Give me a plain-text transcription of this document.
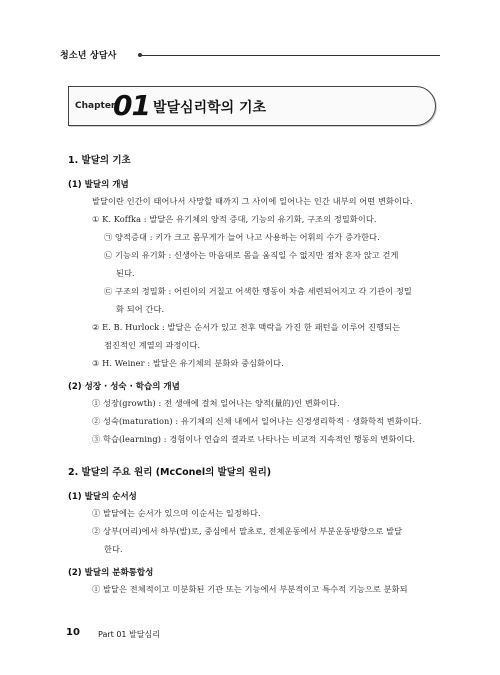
청소년 상담사
Chapter
01 발달심리학의 기초
1. 발달의 기초
(1) 발달의 개념
발달이란 인간이 태어나서 사망할 때까지 그 사이에 일어나는 인간 내부의 어떤 변화이다.
① K. Koffka : 발달은 유기체의 양적 증대, 기능의 유기화, 구조의 정밀화이다.
㉠ 양적증대 : 키가 크고 몸무게가 늘어 나고 사용하는 어휘의 수가 증가한다.
㉡ 기능의 유기화 : 신생아는 마음대로 몸을 움직일 수 없지만 점차 혼자 앉고 걷게
된다.
㉢ 구조의 정밀화 : 어린이의 거칠고 어색한 행동이 차츰 세련되어지고 각 기관이 정밀
화 되어 간다.
② E. B. Hurlock : 발달은 순서가 있고 전후 맥락을 가진 한 패턴을 이루어 진행되는
점진적인 계열의 과정이다.
③ H. Weiner : 발달은 유기체의 분화와 중심화이다.
(2) 성장 · 성숙 · 학습의 개념
① 성장(growth) : 전 생애에 걸쳐 일어나는 양적(量的)인 변화이다.
② 성숙(maturation) : 유기체의 신체 내에서 일어나는 신경생리학적 · 생화학적 변화이다.
③ 학습(learning) : 경험이나 연습의 결과로 나타나는 비교적 지속적인 행동의 변화이다.
2. 발달의 주요 원리 (McConel의 발달의 원리)
(1) 발달의 순서성
① 발달에는 순서가 있으며 이순서는 일정하다.
② 상부(머리)에서 하부(발)로, 중심에서 말초로, 전체운동에서 부분운동방향으로 발달
한다.
(2) 발달의 분화통합성
① 발달은 전체적이고 미분화된 기관 또는 기능에서 부분적이고 특수적 기능으로 분화되
10 Part 01 발달심리
